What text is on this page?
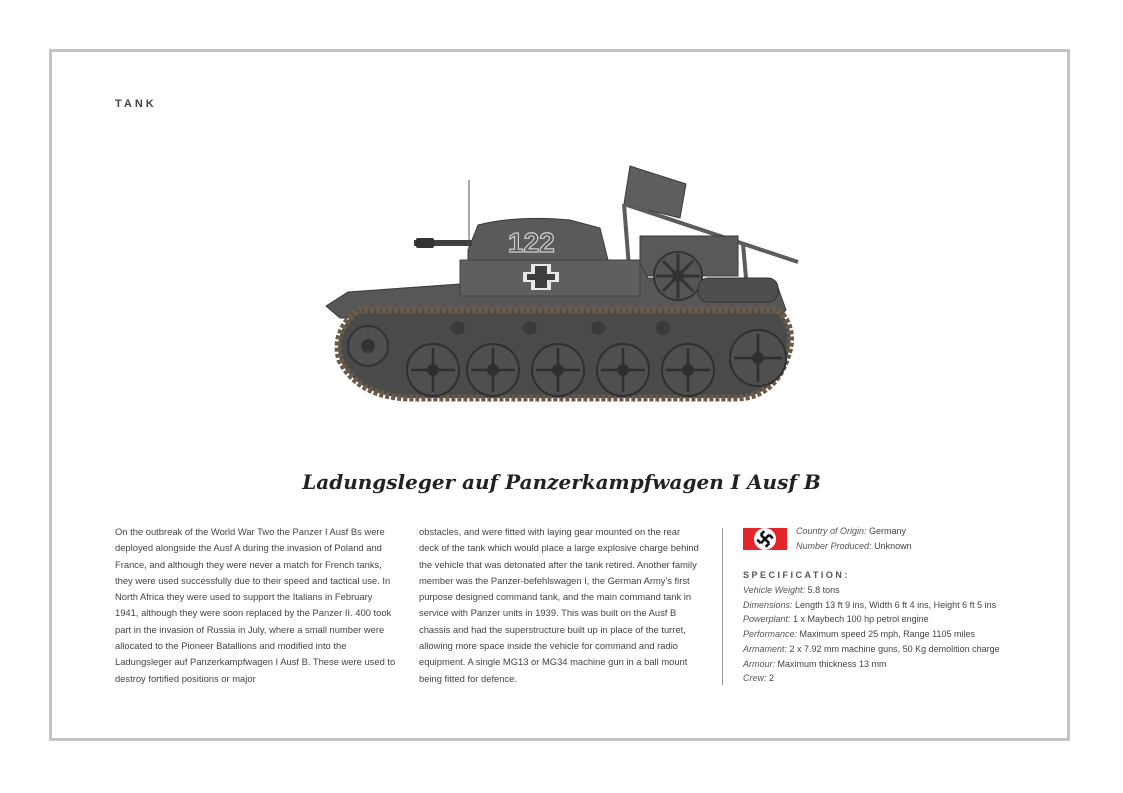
TANK
122
Ladungsleger auf Panzerkampfwagen I Ausf B

On the outbreak of the World War Two the Panzer I Ausf Bs were deployed alongside the Ausf A during the invasion of Poland and France, and although they were never a match for French tanks, they were used successfully due to their speed and tactical use. In North Africa they were used to support the Italians in February 1941, although they were soon replaced by the Panzer II. 400 took part in the invasion of Russia in July, where a small number were allocated to the Pioneer Batallions and modified into the Ladungsleger auf Panzerkampfwagen I Ausf B. These were used to destroy fortified positions or major

obstacles, and were fitted with laying gear mounted on the rear deck of the tank which would place a large explosive charge behind the vehicle that was detonated after the tank retired. Another family member was the Panzer-befehlswagen I, the German Army's first purpose designed command tank, and the main command tank in service with Panzer units in 1939. This was built on the Ausf B chassis and had the superstructure built up in place of the turret, allowing more space inside the vehicle for command and radio equipment. A single MG13 or MG34 machine gun in a ball mount being fitted for defence.

Country of Origin: Germany
Number Produced: Unknown
SPECIFICATION:
Vehicle Weight: 5.8 tons
Dimensions: Length 13 ft 9 ins, Width 6 ft 4 ins, Height 6 ft 5 ins
Powerplant: 1 x Maybech 100 hp petrol engine
Performance: Maximum speed 25 mph, Range 1105 miles
Armament: 2 x 7.92 mm machine guns, 50 Kg demolition charge
Armour: Maximum thickness 13 mm
Crew: 2
